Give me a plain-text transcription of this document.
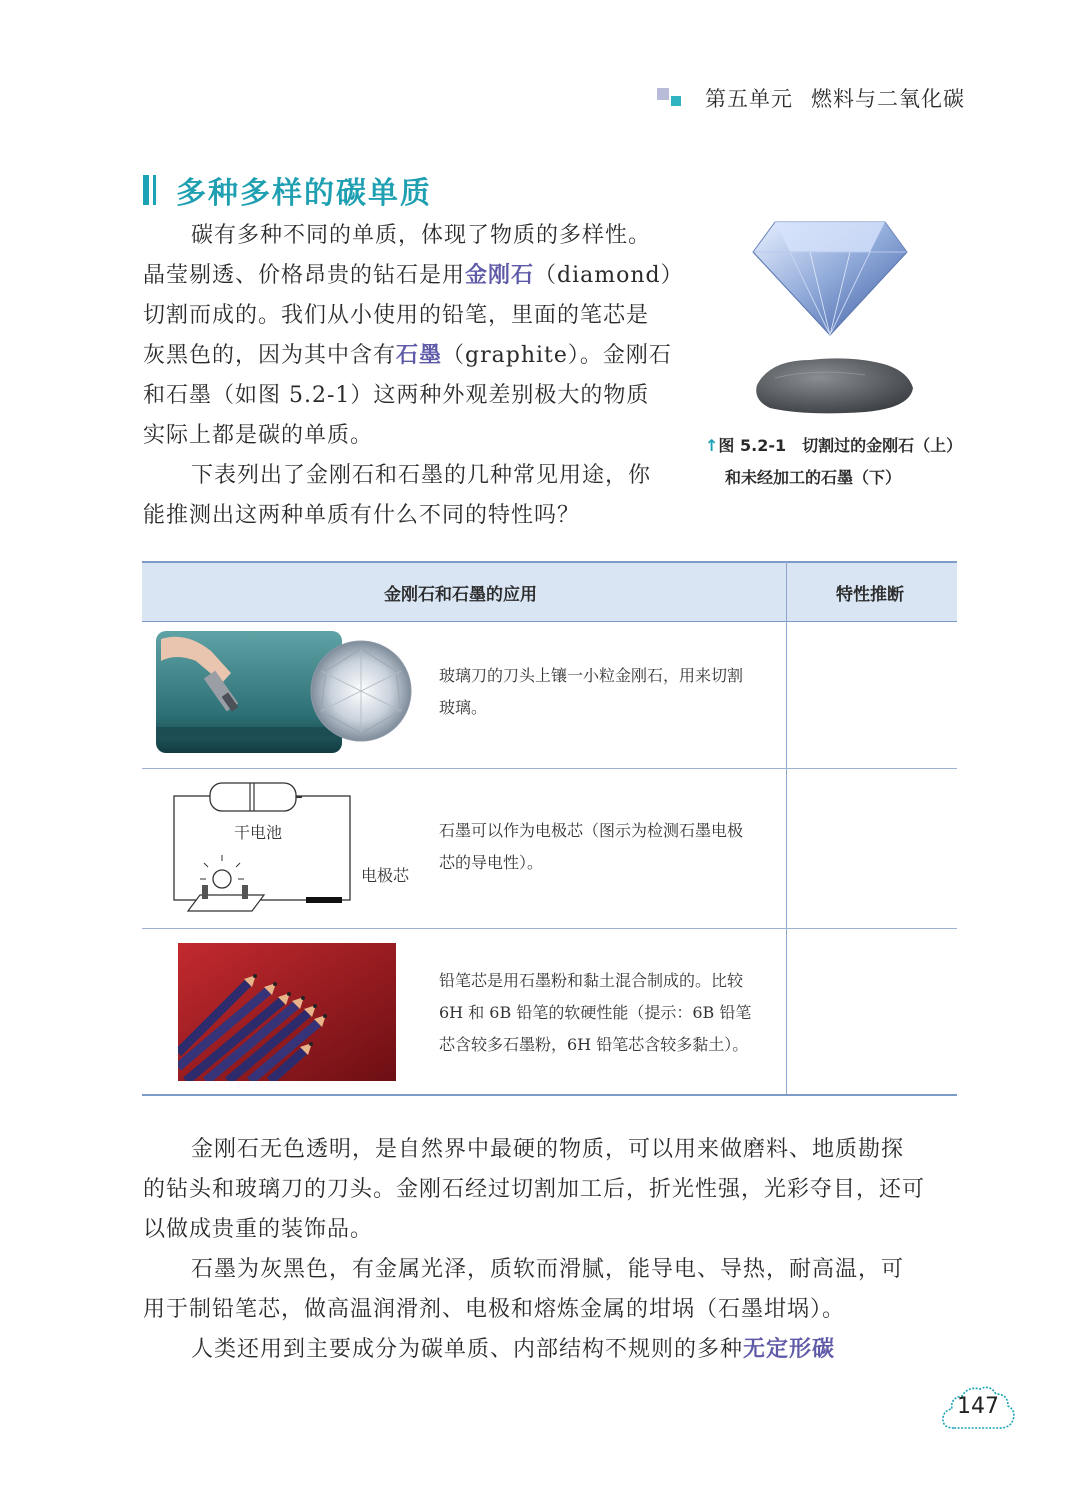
第五单元 燃料与二氧化碳
多种多样的碳单质
碳有多种不同的单质，体现了物质的多样性。
晶莹剔透、价格昂贵的钻石是用金刚石（diamond）
切割而成的。我们从小使用的铅笔，里面的笔芯是
灰黑色的，因为其中含有石墨（graphite）。金刚石
和石墨（如图 5.2-1）这两种外观差别极大的物质
实际上都是碳的单质。
下表列出了金刚石和石墨的几种常见用途，你
能推测出这两种单质有什么不同的特性吗？
↑图 5.2-1　切割过的金刚石（上）
和未经加工的石墨（下）
金刚石和石墨的应用	特性推断
玻璃刀的刀头上镶一小粒金刚石，用来切割
玻璃。
干电池
电极芯
石墨可以作为电极芯（图示为检测石墨电极
芯的导电性）。
铅笔芯是用石墨粉和黏土混合制成的。比较
6H 和 6B 铅笔的软硬性能（提示：6B 铅笔
芯含较多石墨粉，6H 铅笔芯含较多黏土）。
金刚石无色透明，是自然界中最硬的物质，可以用来做磨料、地质勘探
的钻头和玻璃刀的刀头。金刚石经过切割加工后，折光性强，光彩夺目，还可
以做成贵重的装饰品。
石墨为灰黑色，有金属光泽，质软而滑腻，能导电、导热，耐高温，可
用于制铅笔芯，做高温润滑剂、电极和熔炼金属的坩埚（石墨坩埚）。
人类还用到主要成分为碳单质、内部结构不规则的多种无定形碳
147
